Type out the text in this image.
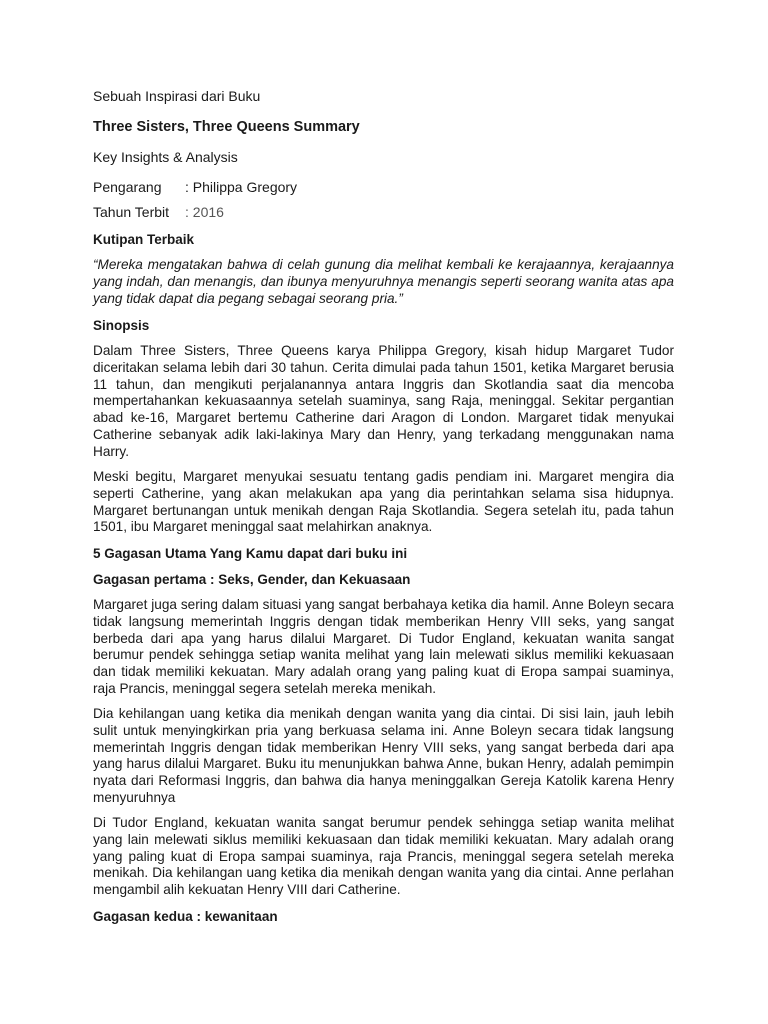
Sebuah Inspirasi dari Buku
Three Sisters, Three Queens Summary
Key Insights & Analysis
Pengarang : Philippa Gregory
Tahun Terbit : 2016
Kutipan Terbaik

“Mereka mengatakan bahwa di celah gunung dia melihat kembali ke kerajaannya, kerajaannya yang indah, dan menangis, dan ibunya menyuruhnya menangis seperti seorang wanita atas apa yang tidak dapat dia pegang sebagai seorang pria.”

Sinopsis

Dalam Three Sisters, Three Queens karya Philippa Gregory, kisah hidup Margaret Tudor diceritakan selama lebih dari 30 tahun. Cerita dimulai pada tahun 1501, ketika Margaret berusia 11 tahun, dan mengikuti perjalanannya antara Inggris dan Skotlandia saat dia mencoba mempertahankan kekuasaannya setelah suaminya, sang Raja, meninggal. Sekitar pergantian abad ke-16, Margaret bertemu Catherine dari Aragon di London. Margaret tidak menyukai Catherine sebanyak adik laki-lakinya Mary dan Henry, yang terkadang menggunakan nama Harry.

Meski begitu, Margaret menyukai sesuatu tentang gadis pendiam ini. Margaret mengira dia seperti Catherine, yang akan melakukan apa yang dia perintahkan selama sisa hidupnya. Margaret bertunangan untuk menikah dengan Raja Skotlandia. Segera setelah itu, pada tahun 1501, ibu Margaret meninggal saat melahirkan anaknya.

5 Gagasan Utama Yang Kamu dapat dari buku ini
Gagasan pertama : Seks, Gender, dan Kekuasaan

Margaret juga sering dalam situasi yang sangat berbahaya ketika dia hamil. Anne Boleyn secara tidak langsung memerintah Inggris dengan tidak memberikan Henry VIII seks, yang sangat berbeda dari apa yang harus dilalui Margaret. Di Tudor England, kekuatan wanita sangat berumur pendek sehingga setiap wanita melihat yang lain melewati siklus memiliki kekuasaan dan tidak memiliki kekuatan. Mary adalah orang yang paling kuat di Eropa sampai suaminya, raja Prancis, meninggal segera setelah mereka menikah.

Dia kehilangan uang ketika dia menikah dengan wanita yang dia cintai. Di sisi lain, jauh lebih sulit untuk menyingkirkan pria yang berkuasa selama ini. Anne Boleyn secara tidak langsung memerintah Inggris dengan tidak memberikan Henry VIII seks, yang sangat berbeda dari apa yang harus dilalui Margaret. Buku itu menunjukkan bahwa Anne, bukan Henry, adalah pemimpin nyata dari Reformasi Inggris, dan bahwa dia hanya meninggalkan Gereja Katolik karena Henry menyuruhnya

Di Tudor England, kekuatan wanita sangat berumur pendek sehingga setiap wanita melihat yang lain melewati siklus memiliki kekuasaan dan tidak memiliki kekuatan. Mary adalah orang yang paling kuat di Eropa sampai suaminya, raja Prancis, meninggal segera setelah mereka menikah. Dia kehilangan uang ketika dia menikah dengan wanita yang dia cintai. Anne perlahan mengambil alih kekuatan Henry VIII dari Catherine.

Gagasan kedua : kewanitaan
